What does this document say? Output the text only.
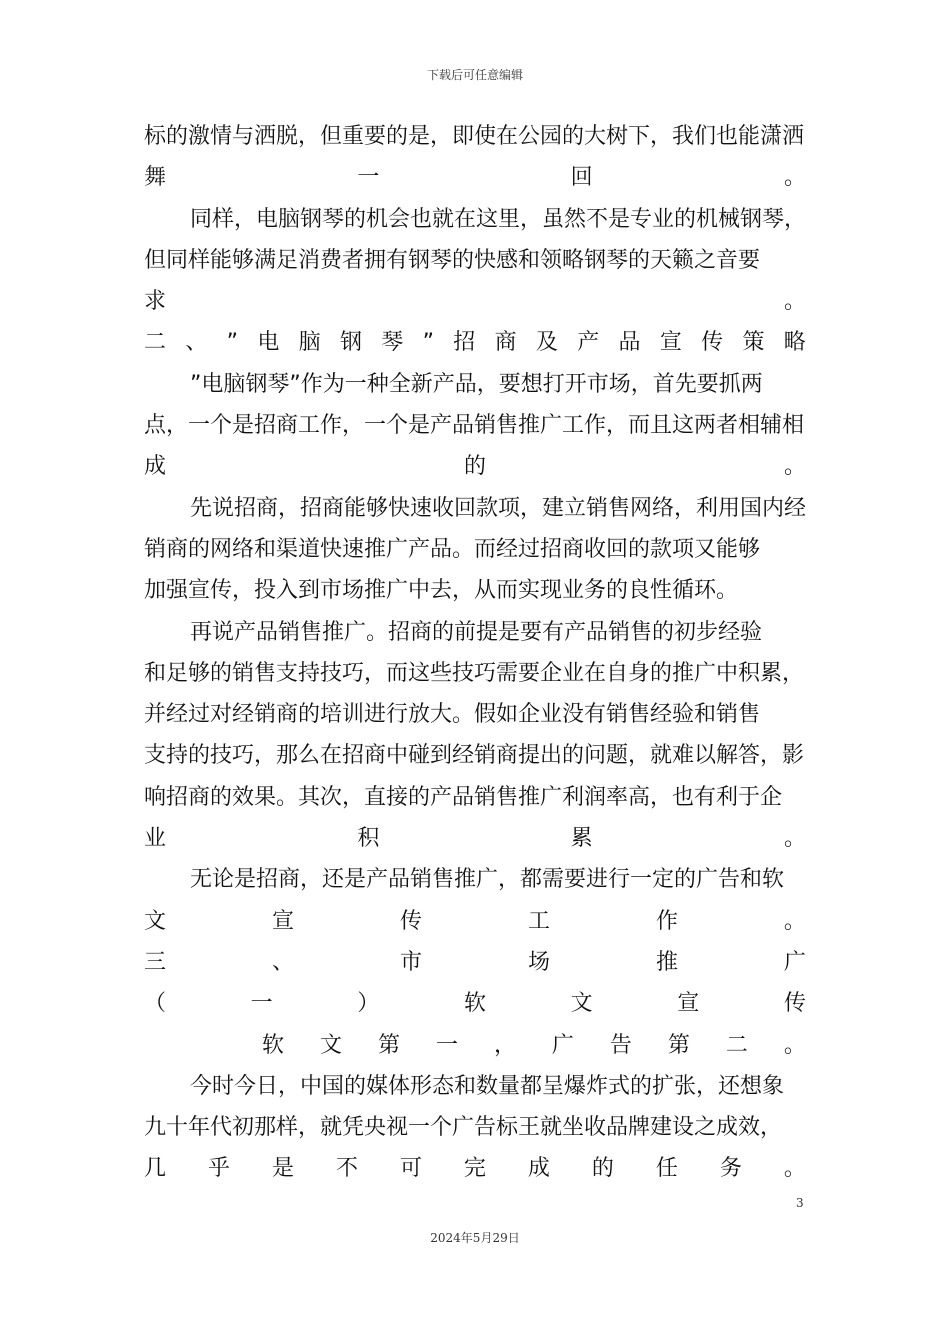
下载后可任意编辑
标的激情与洒脱，但重要的是，即使在公园的大树下，我们也能潇洒
舞	一	回	。
同样，电脑钢琴的机会也就在这里，虽然不是专业的机械钢琴，
但同样能够满足消费者拥有钢琴的快感和领略钢琴的天籁之音要
求	。
二 、 ” 电 脑 钢 琴 ” 招 商 及 产 品 宣 传 策 略
”电脑钢琴”作为一种全新产品，要想打开市场，首先要抓两
点，一个是招商工作，一个是产品销售推广工作，而且这两者相辅相
成	的	。
先说招商，招商能够快速收回款项，建立销售网络，利用国内经
销商的网络和渠道快速推广产品。而经过招商收回的款项又能够
加强宣传，投入到市场推广中去，从而实现业务的良性循环。
再说产品销售推广。招商的前提是要有产品销售的初步经验
和足够的销售支持技巧，而这些技巧需要企业在自身的推广中积累，
并经过对经销商的培训进行放大。假如企业没有销售经验和销售
支持的技巧，那么在招商中碰到经销商提出的问题，就难以解答，影
响招商的效果。其次，直接的产品销售推广利润率高，也有利于企
业	积	累	。
无论是招商，还是产品销售推广，都需要进行一定的广告和软
文	宣	传	工	作	。
三	、	市	场	推	广
（	一	）	软	文	宣	传
软 文 第 一 ， 广 告 第 二 。
今时今日，中国的媒体形态和数量都呈爆炸式的扩张，还想象
九十年代初那样，就凭央视一个广告标王就坐收品牌建设之成效，
几 乎 是 不 可 完 成 的 任 务 。
3
2024年5月29日
